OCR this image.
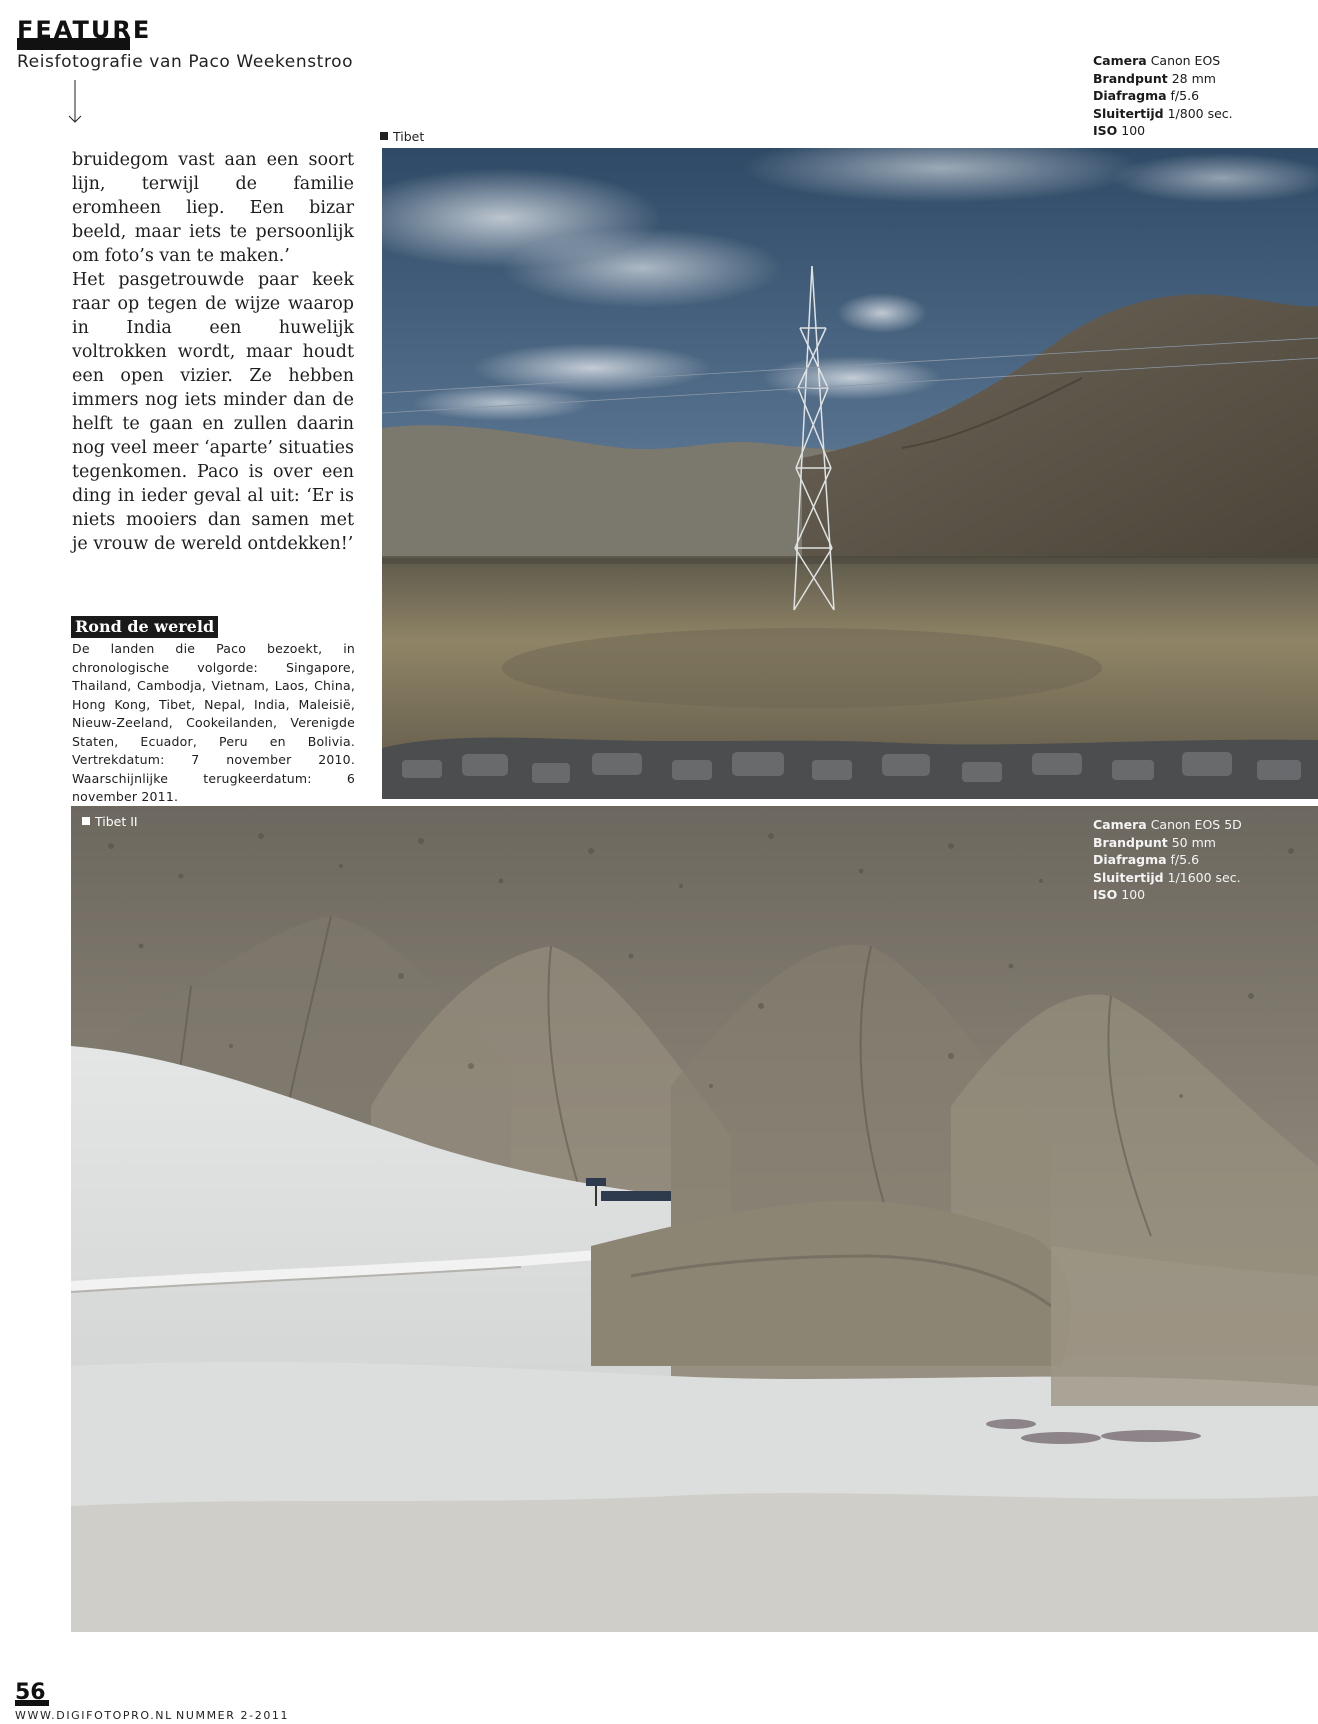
FEATURE
Reisfotografie van Paco Weekenstroo

bruidegom vast aan een soort lijn, terwijl de familie eromheen liep. Een bizar beeld, maar iets te persoonlijk om foto’s van te maken.’

Het pasgetrouwde paar keek raar op tegen de wijze waarop in India een huwelijk voltrokken wordt, maar houdt een open vizier. Ze hebben immers nog iets minder dan de helft te gaan en zullen daarin nog veel meer ‘aparte’ situaties tegenkomen. Paco is over een ding in ieder geval al uit: ‘Er is niets mooiers dan samen met je vrouw de wereld ontdekken!’

Rond de wereld
De landen die Paco bezoekt, in chronologische volgorde: Singapore, Thailand, Cambodja, Vietnam, Laos, China, Hong Kong, Tibet, Nepal, India, Maleisië, Nieuw-Zeeland, Cookeilanden, Verenigde Staten, Ecuador, Peru en Bolivia. Vertrekdatum: 7 november 2010. Waarschijnlijke terugkeerdatum: 6 november 2011.
Tibet
Camera Canon EOS
Brandpunt 28 mm
Diafragma f/5.6
Sluitertijd 1/800 sec.
ISO 100
Tibet II	Camera Canon EOS 5D
Brandpunt 50 mm
Diafragma f/5.6
Sluitertijd 1/1600 sec.
ISO 100
56
WWW.DIGIFOTOPRO.NL NUMMER 2-2011
